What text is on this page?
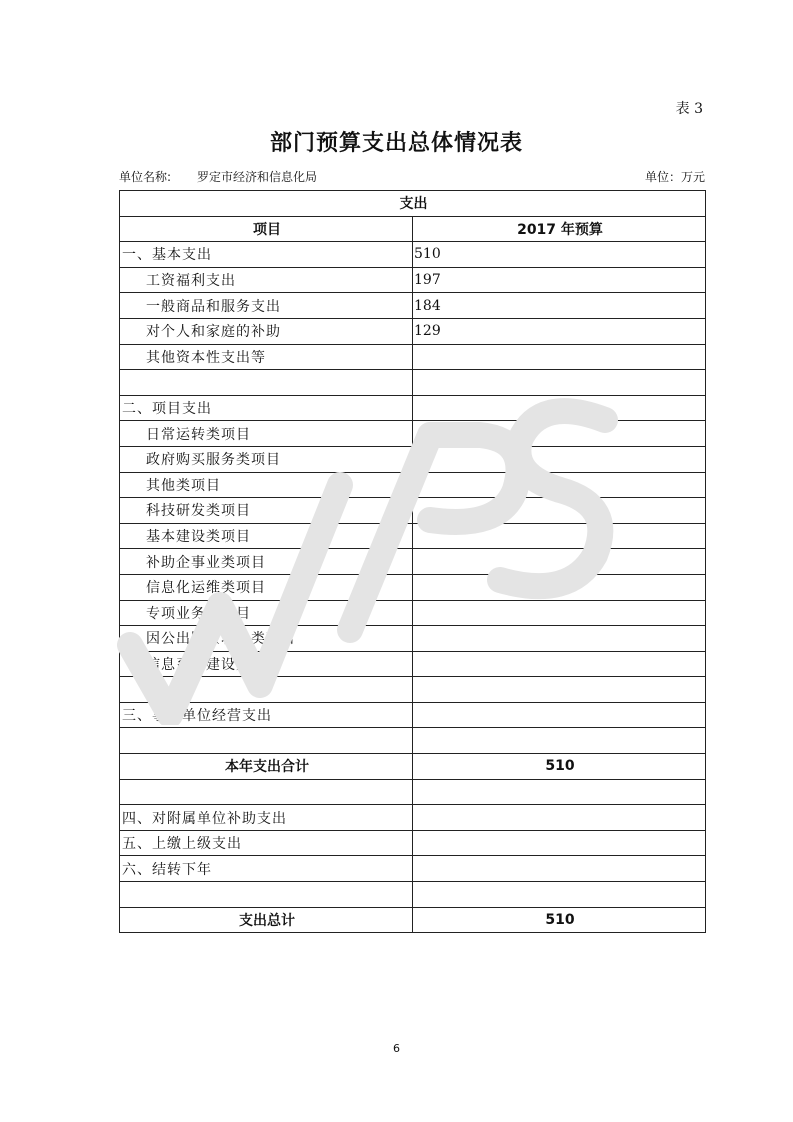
表 3
部门预算支出总体情况表
单位名称: 罗定市经济和信息化局	单位：万元
支出	
项目	2017 年预算
一、基本支出	510
工资福利支出	197
一般商品和服务支出	184
对个人和家庭的补助	129
其他资本性支出等	

二、项目支出	
日常运转类项目	
政府购买服务类项目	
其他类项目	
科技研发类项目	
基本建设类项目	
补助企事业类项目	
信息化运维类项目	
专项业务类项目	
因公出国（境）类项目	
信息系统建设类项目	

三、事业单位经营支出	

本年支出合计	510

四、对附属单位补助支出	
五、上缴上级支出	
六、结转下年	

支出总计	510
6
